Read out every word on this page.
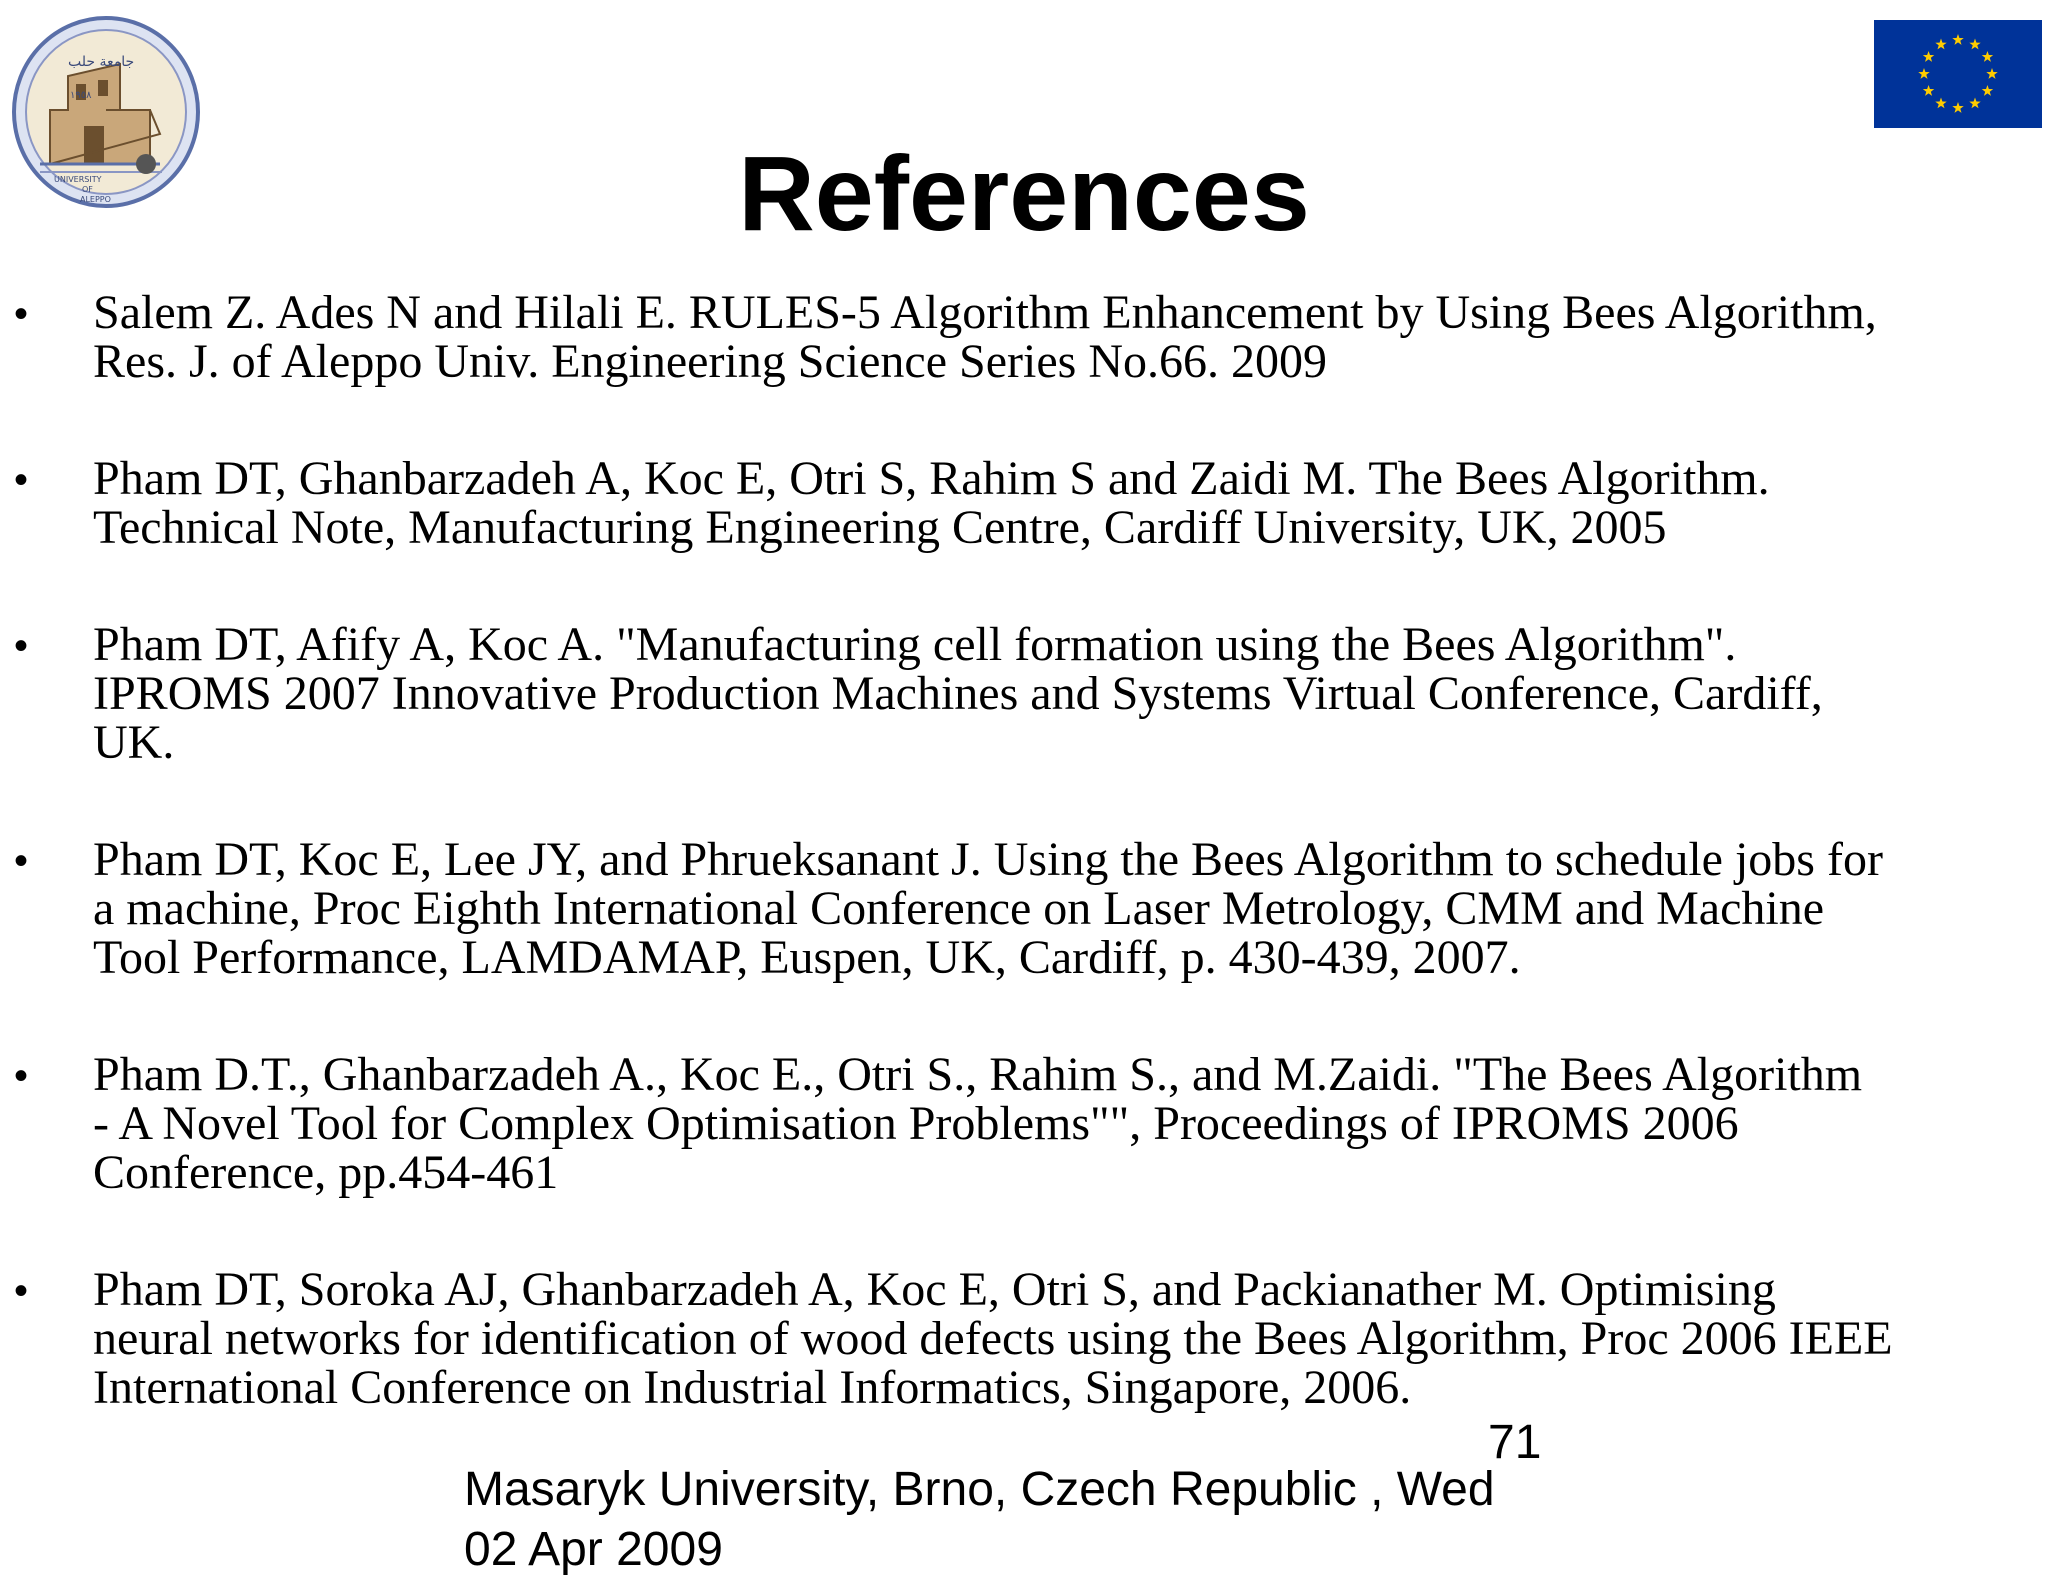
جامعة حلب
١٩٥٨
UNIVERSITY
OF
ALEPPO	References
• Salem Z. Ades N and Hilali E. RULES-5 Algorithm Enhancement by Using Bees Algorithm,
Res. J. of Aleppo Univ. Engineering Science Series No.66. 2009
• Pham DT, Ghanbarzadeh A, Koc E, Otri S, Rahim S and Zaidi M. The Bees Algorithm.
Technical Note, Manufacturing Engineering Centre, Cardiff University, UK, 2005
• Pham DT, Afify A, Koc A. "Manufacturing cell formation using the Bees Algorithm".
IPROMS 2007 Innovative Production Machines and Systems Virtual Conference, Cardiff,
UK.
• Pham DT, Koc E, Lee JY, and Phrueksanant J. Using the Bees Algorithm to schedule jobs for
a machine, Proc Eighth International Conference on Laser Metrology, CMM and Machine
Tool Performance, LAMDAMAP, Euspen, UK, Cardiff, p. 430-439, 2007.
• Pham D.T., Ghanbarzadeh A., Koc E., Otri S., Rahim S., and M.Zaidi. "The Bees Algorithm
- A Novel Tool for Complex Optimisation Problems"", Proceedings of IPROMS 2006
Conference, pp.454-461
• Pham DT, Soroka AJ, Ghanbarzadeh A, Koc E, Otri S, and Packianather M. Optimising
neural networks for identification of wood defects using the Bees Algorithm, Proc 2006 IEEE
International Conference on Industrial Informatics, Singapore, 2006.
71
Masaryk University, Brno, Czech Republic , Wed
02 Apr 2009
